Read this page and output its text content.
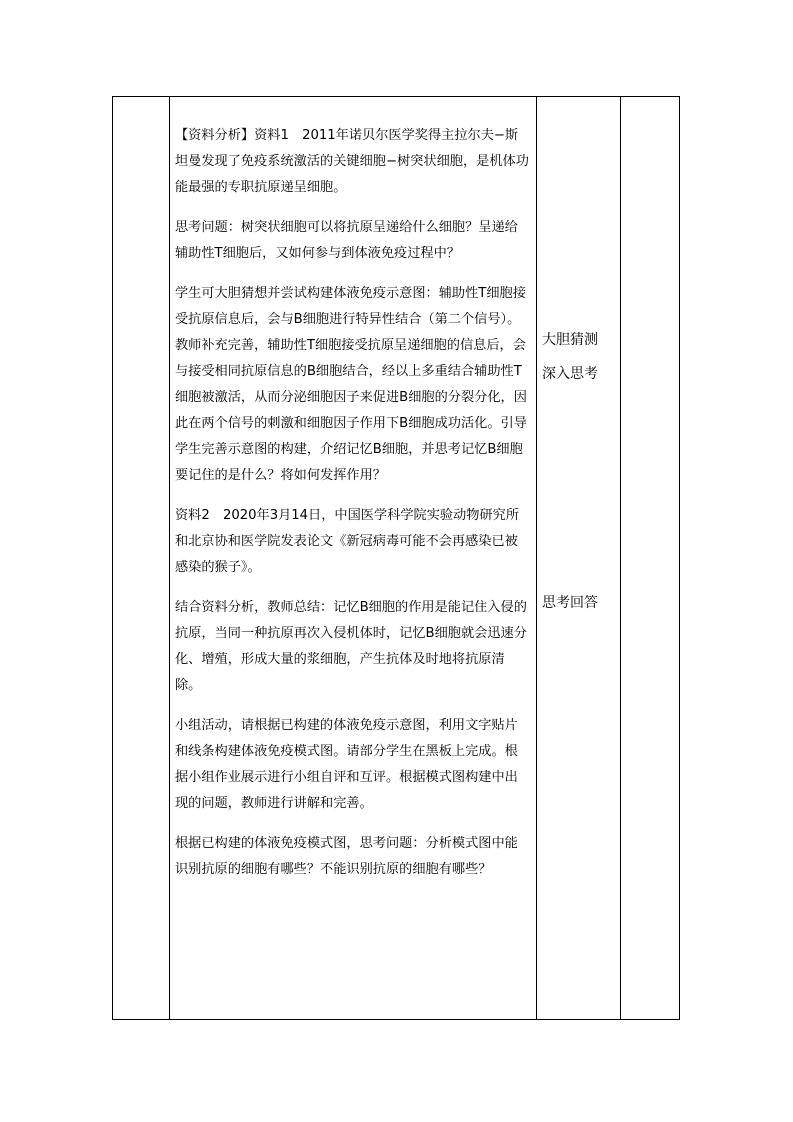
【资料分析】资料1　2011年诺贝尔医学奖得主拉尔夫−斯坦曼发现了免疫系统激活的关键细胞−树突状细胞，是机体功能最强的专职抗原递呈细胞。

思考问题：树突状细胞可以将抗原呈递给什么细胞？呈递给辅助性T细胞后，又如何参与到体液免疫过程中？

学生可大胆猜想并尝试构建体液免疫示意图：辅助性T细胞接受抗原信息后，会与B细胞进行特异性结合（第二个信号）。教师补充完善，辅助性T细胞接受抗原呈递细胞的信息后，会与接受相同抗原信息的B细胞结合，经以上多重结合辅助性T细胞被激活，从而分泌细胞因子来促进B细胞的分裂分化，因此在两个信号的刺激和细胞因子作用下B细胞成功活化。引导学生完善示意图的构建，介绍记忆B细胞，并思考记忆B细胞要记住的是什么？将如何发挥作用？

资料2　2020年3月14日，中国医学科学院实验动物研究所和北京协和医学院发表论文《新冠病毒可能不会再感染已被感染的猴子》。

结合资料分析，教师总结：记忆B细胞的作用是能记住入侵的抗原，当同一种抗原再次入侵机体时，记忆B细胞就会迅速分化、增殖，形成大量的浆细胞，产生抗体及时地将抗原清除。

小组活动，请根据已构建的体液免疫示意图，利用文字贴片和线条构建体液免疫模式图。请部分学生在黑板上完成。根据小组作业展示进行小组自评和互评。根据模式图构建中出现的问题，教师进行讲解和完善。

根据已构建的体液免疫模式图，思考问题：分析模式图中能识别抗原的细胞有哪些？不能识别抗原的细胞有哪些？

大胆猜测
深入思考
思考回答
